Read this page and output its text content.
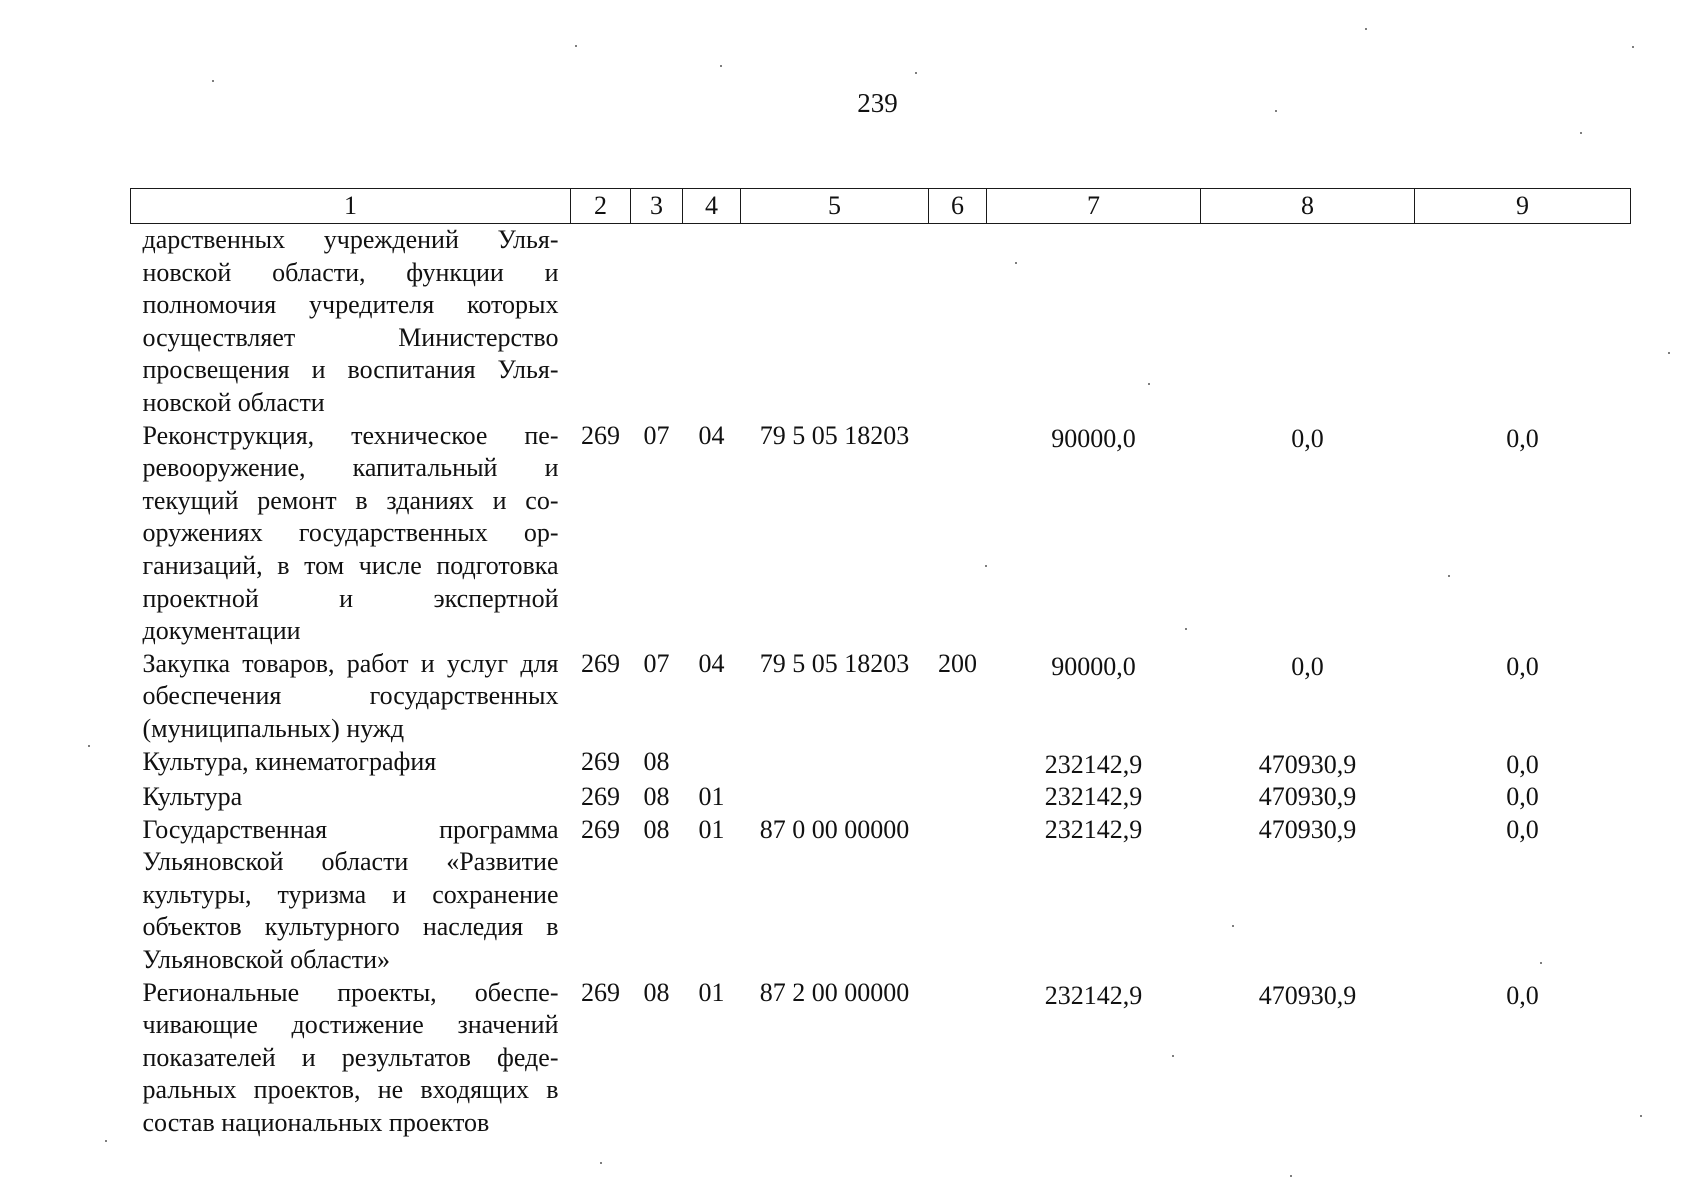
239
1	2	3	4	5	6	7	8	9
дарственных учреждений Ульяновской области, функции и полномочия учредителя которых осуществляет Министерство просвещения и воспитания Ульяновской области								
Реконструкция, техническое перевооружение, капитальный и текущий ремонт в зданиях и сооружениях государственных организаций, в том числе подготовка проектной и экспертной документации	269	07	04	79 5 05 18203		90000,0	0,0	0,0
Закупка товаров, работ и услуг для обеспечения государственных (муниципальных) нужд	269	07	04	79 5 05 18203	200	90000,0	0,0	0,0
Культура, кинематография	269	08				232142,9	470930,9	0,0
Культура	269	08	01			232142,9	470930,9	0,0
Государственная программа Ульяновской области «Развитие культуры, туризма и сохранение объектов культурного наследия в Ульяновской области»	269	08	01	87 0 00 00000		232142,9	470930,9	0,0
Региональные проекты, обеспечивающие достижение значений показателей и результатов федеральных проектов, не входящих в состав национальных проектов	269	08	01	87 2 00 00000		232142,9	470930,9	0,0
